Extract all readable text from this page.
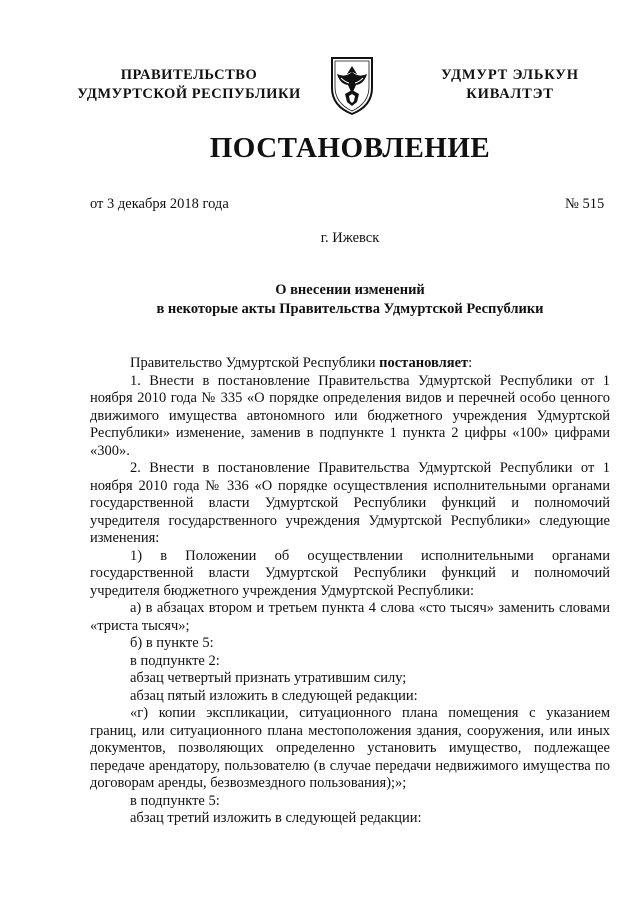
ПРАВИТЕЛЬСТВО
УДМУРТСКОЙ РЕСПУБЛИКИ
УДМУРТ ЭЛЬКУН
КИВАЛТЭТ
ПОСТАНОВЛЕНИЕ
от 3 декабря 2018 года	№ 515
г. Ижевск
О внесении изменений
в некоторые акты Правительства Удмуртской Республики

Правительство Удмуртской Республики постановляет:

1. Внести в постановление Правительства Удмуртской Республики от 1 ноября 2010 года № 335 «О порядке определения видов и перечней особо ценного движимого имущества автономного или бюджетного учреждения Удмуртской Республики» изменение, заменив в подпункте 1 пункта 2 цифры «100» цифрами «300».

2. Внести в постановление Правительства Удмуртской Республики от 1 ноября 2010 года № 336 «О порядке осуществления исполнительными органами государственной власти Удмуртской Республики функций и полномочий учредителя государственного учреждения Удмуртской Республики» следующие изменения:

1) в Положении об осуществлении исполнительными органами государственной власти Удмуртской Республики функций и полномочий учредителя бюджетного учреждения Удмуртской Республики:

а) в абзацах втором и третьем пункта 4 слова «сто тысяч» заменить словами «триста тысяч»;

б) в пункте 5:

в подпункте 2:

абзац четвертый признать утратившим силу;

абзац пятый изложить в следующей редакции:

«г) копии экспликации, ситуационного плана помещения с указанием границ, или ситуационного плана местоположения здания, сооружения, или иных документов, позволяющих определенно установить имущество, подлежащее передаче арендатору, пользователю (в случае передачи недвижимого имущества по договорам аренды, безвозмездного пользования);»;

в подпункте 5:

абзац третий изложить в следующей редакции:
